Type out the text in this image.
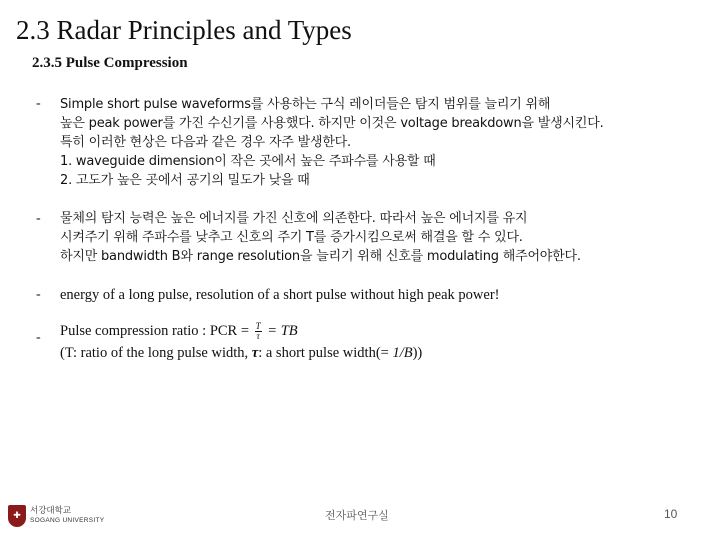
2.3 Radar Principles and Types
2.3.5 Pulse Compression
- Simple short pulse waveforms를 사용하는 구식 레이더들은 탐지 범위를 늘리기 위해
높은 peak power를 가진 수신기를 사용했다. 하지만 이것은 voltage breakdown을 발생시킨다.
특히 이러한 현상은 다음과 같은 경우 자주 발생한다.
1. waveguide dimension이 작은 곳에서 높은 주파수를 사용할 때
2. 고도가 높은 곳에서 공기의 밀도가 낮을 때
- 물체의 탐지 능력은 높은 에너지를 가진 신호에 의존한다. 따라서 높은 에너지를 유지
시켜주기 위해 주파수를 낮추고 신호의 주기 T를 증가시킴으로써 해결을 할 수 있다.
하지만 bandwidth B와 range resolution을 늘리기 위해 신호를 modulating 해주어야한다.
- energy of a long pulse, resolution of a short pulse without high peak power!
- Pulse compression ratio : PCR = $\frac{T}{\tau}$ = TB
(T: ratio of the long pulse width, τ: a short pulse width(= 1/B))
✚	서강대학교
SOGANG UNIVERSITY	전자파연구실	10
